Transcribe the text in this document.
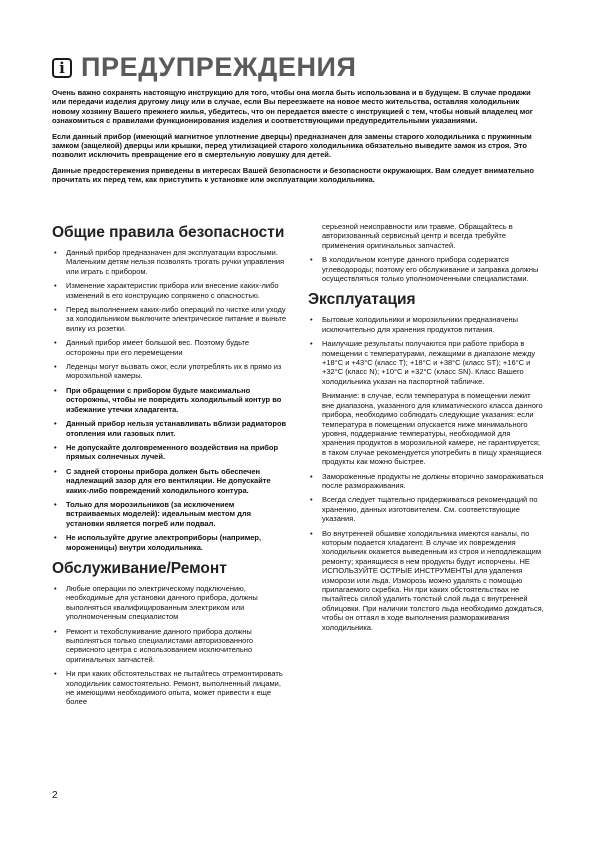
i ПРЕДУПРЕЖДЕНИЯ

Очень важно сохранять настоящую инструкцию для того, чтобы она могла быть использована и в будущем. В случае продажи или передачи изделия другому лицу или в случае, если Вы переезжаете на новое место жительства, оставляя холодильник новому хозяину Вашего прежнего жилья, убедитесь, что он передается вместе с инструкцией с тем, чтобы новый владелец мог ознакомиться с правилами функционирования изделия и соответствующими предупредительными указаниями.

Если данный прибор (имеющий магнитное уплотнение дверцы) предназначен для замены старого холодильника с пружинным замком (защелкой) дверцы или крышки, перед утилизацией старого холодильника обязательно выведите замок из строя. Это позволит исключить превращение его в смертельную ловушку для детей.

Данные предостережения приведены в интересах Вашей безопасности и безопасности окружающих. Вам следует внимательно прочитать их перед тем, как приступить к установке или эксплуатации холодильника.

Общие правила безопасности
• Данный прибор предназначен для эксплуатации взрослыми. Маленьким детям нельзя позволять трогать ручки управления или играть с прибором.
• Изменение характеристик прибора или внесение каких-либо изменений в его конструкцию сопряжено с опасностью.
• Перед выполнением каких-либо операций по чистке или уходу за холодильником выключите электрическое питание и выньте вилку из розетки.
• Данный прибор имеет большой вес. Поэтому будьте осторожны при его перемещении
• Леденцы могут вызвать ожог, если употреблять их в прямо из морозильной камеры.
• При обращении с прибором будьте максимально осторожны, чтобы не повредить холодильный контур во избежание утечки хладагента.
• Данный прибор нельзя устанавливать вблизи радиаторов отопления или газовых плит.
• Не допускайте долговременного воздействия на прибор прямых солнечных лучей.
• С задней стороны прибора должен быть обеспечен надлежащий зазор для его вентиляции. Не допускайте каких-либо повреждений холодильного контура.
• Только для морозильников (за исключением встраиваемых моделей): идеальным местом для установки является погреб или подвал.
• Не используйте другие электроприборы (например, мороженицы) внутри холодильника.
Обслуживание/Ремонт
• Любые операции по электрическому подключению, необходимые для установки данного прибора, должны выполняться квалифицированным электриком или уполномоченным специалистом
• Ремонт и техобслуживание данного прибора должны выполняться только специалистами авторизованного сервисного центра с использованием исключительно оригинальных запчастей.
• Ни при каких обстоятельствах не пытайтесь отремонтировать холодильник самостоятельно. Ремонт, выполненный лицами, не имеющими необходимого опыта, может привести к еще более
серьезной неисправности или травме. Обращайтесь в авторизованный сервисный центр и всегда требуйте применения оригинальных запчастей.
• В холодильном контуре данного прибора содержатся углеводороды; поэтому его обслуживание и заправка должны осуществляться только уполномоченными специалистами.
Эксплуатация
• Бытовые холодильники и морозильники предназначены исключительно для хранения продуктов питания.
• Наилучшие результаты получаются при работе прибора в помещении с температурами, лежащими в диапазоне между +18°C и +43°C (класс T); +18°C и +38°C (класс ST); +16°C и +32°C (класс N); +10°C и +32°C (класс SN). Класс Вашего холодильника указан на паспортной табличке.
Внимание: в случае, если температура в помещении лежит вне диапазона, указанного для климатического класса данного прибора, необходимо соблюдать следующие указания: если температура в помещении опускается ниже минимального уровня, поддержание температуры, необходимой для хранения продуктов в морозильной камере, не гарантируется; в таком случае рекомендуется употребить в пищу хранящиеся продукты как можно быстрее.
• Замороженные продукты не должны вторично замораживаться после размораживания.
• Всегда следует тщательно придерживаться рекомендаций по хранению, данных изготовителем. См. соответствующие указания.
• Во внутренней обшивке холодильника имеются каналы, по которым подается хладагент. В случае их повреждения холодильник окажется выведенным из строя и неподлежащим ремонту; хранящиеся в нем продукты будут испорчены. НЕ ИСПОЛЬЗУЙТЕ ОСТРЫЕ ИНСТРУМЕНТЫ для удаления изморози или льда. Изморозь можно удалять с помощью прилагаемого скребка. Ни при каких обстоятельствах не пытайтесь силой удалить толстый слой льда с внутренней облицовки. При наличии толстого льда необходимо дождаться, чтобы он оттаял в ходе выполнения размораживания холодильника.
2
